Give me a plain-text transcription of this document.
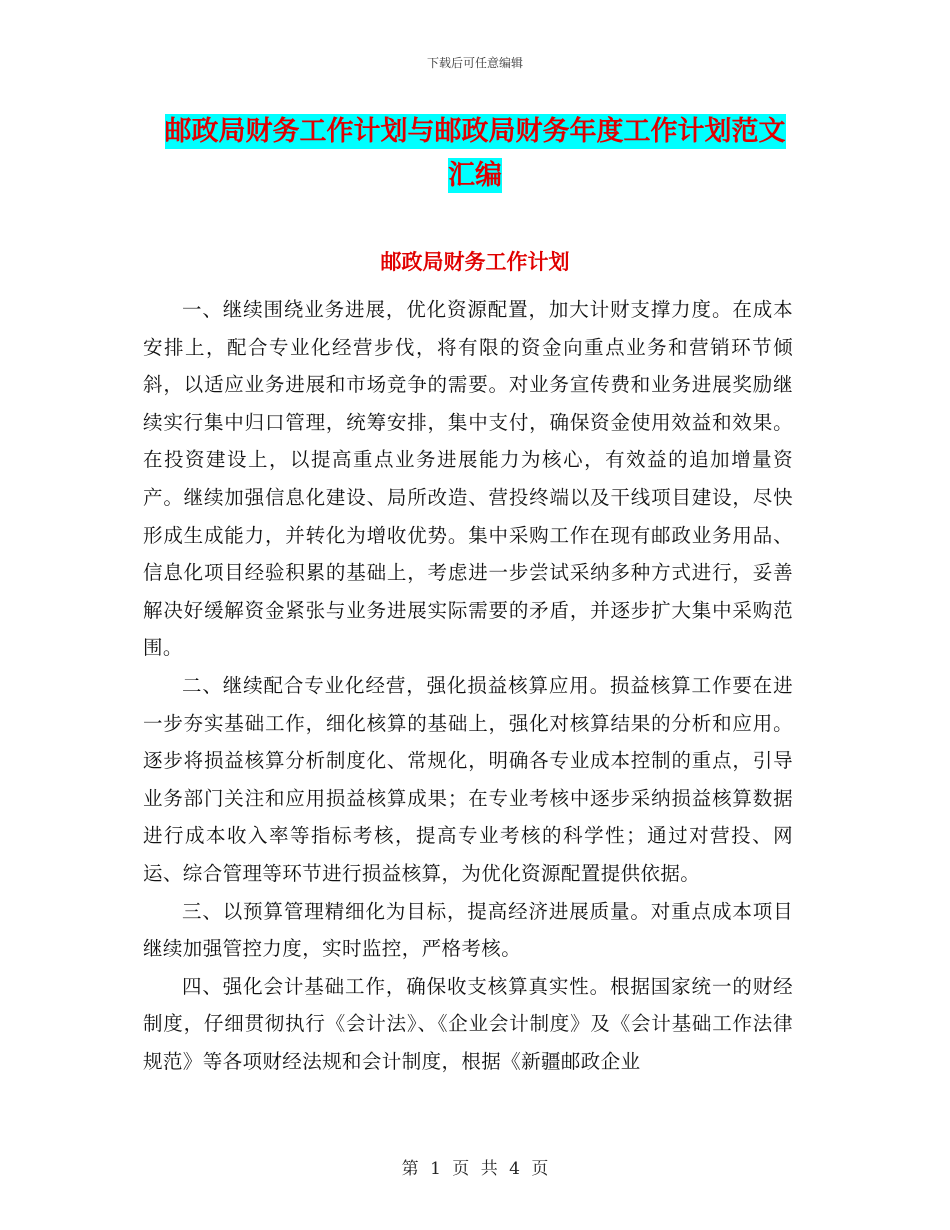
下载后可任意编辑
邮政局财务工作计划与邮政局财务年度工作计划范文
汇编
邮政局财务工作计划

一、继续围绕业务进展，优化资源配置，加大计财支撑力度。在成本安排上，配合专业化经营步伐，将有限的资金向重点业务和营销环节倾斜，以适应业务进展和市场竞争的需要。对业务宣传费和业务进展奖励继续实行集中归口管理，统筹安排，集中支付，确保资金使用效益和效果。在投资建设上，以提高重点业务进展能力为核心，有效益的追加增量资产。继续加强信息化建设、局所改造、营投终端以及干线项目建设，尽快形成生成能力，并转化为增收优势。集中采购工作在现有邮政业务用品、信息化项目经验积累的基础上，考虑进一步尝试采纳多种方式进行，妥善解决好缓解资金紧张与业务进展实际需要的矛盾，并逐步扩大集中采购范围。

二、继续配合专业化经营，强化损益核算应用。损益核算工作要在进一步夯实基础工作，细化核算的基础上，强化对核算结果的分析和应用。逐步将损益核算分析制度化、常规化，明确各专业成本控制的重点，引导业务部门关注和应用损益核算成果；在专业考核中逐步采纳损益核算数据进行成本收入率等指标考核，提高专业考核的科学性；通过对营投、网运、综合管理等环节进行损益核算，为优化资源配置提供依据。

三、以预算管理精细化为目标，提高经济进展质量。对重点成本项目继续加强管控力度，实时监控，严格考核。

四、强化会计基础工作，确保收支核算真实性。根据国家统一的财经制度，仔细贯彻执行《会计法》、《企业会计制度》及《会计基础工作法律规范》等各项财经法规和会计制度，根据《新疆邮政企业

第 1 页 共 4 页
